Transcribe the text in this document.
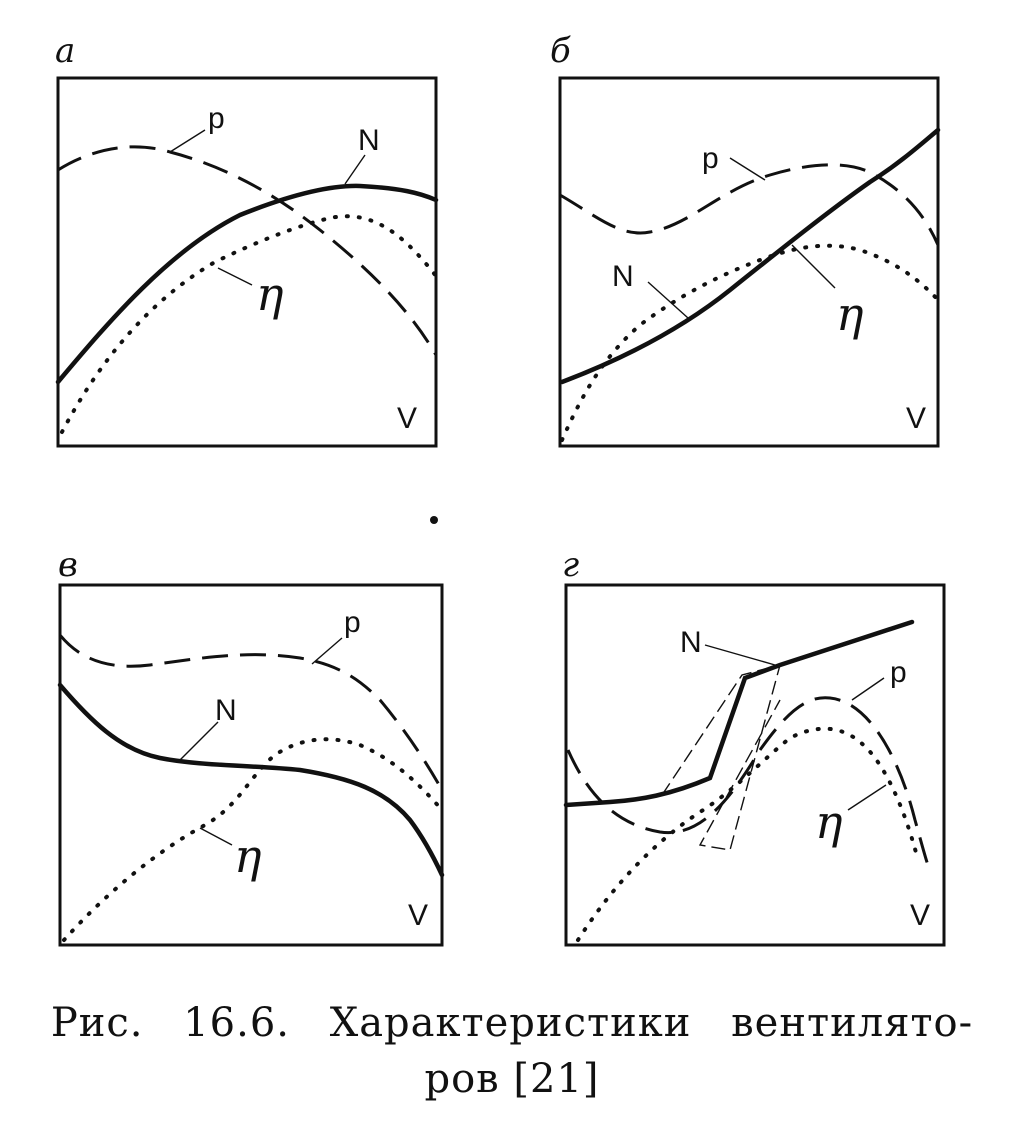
а
p
N
η
V
б
p
N
η
V
в
p
N
η
V
г
N
p
η
V
Рис. 16.6. Характеристики вентилято-
ров [21]
